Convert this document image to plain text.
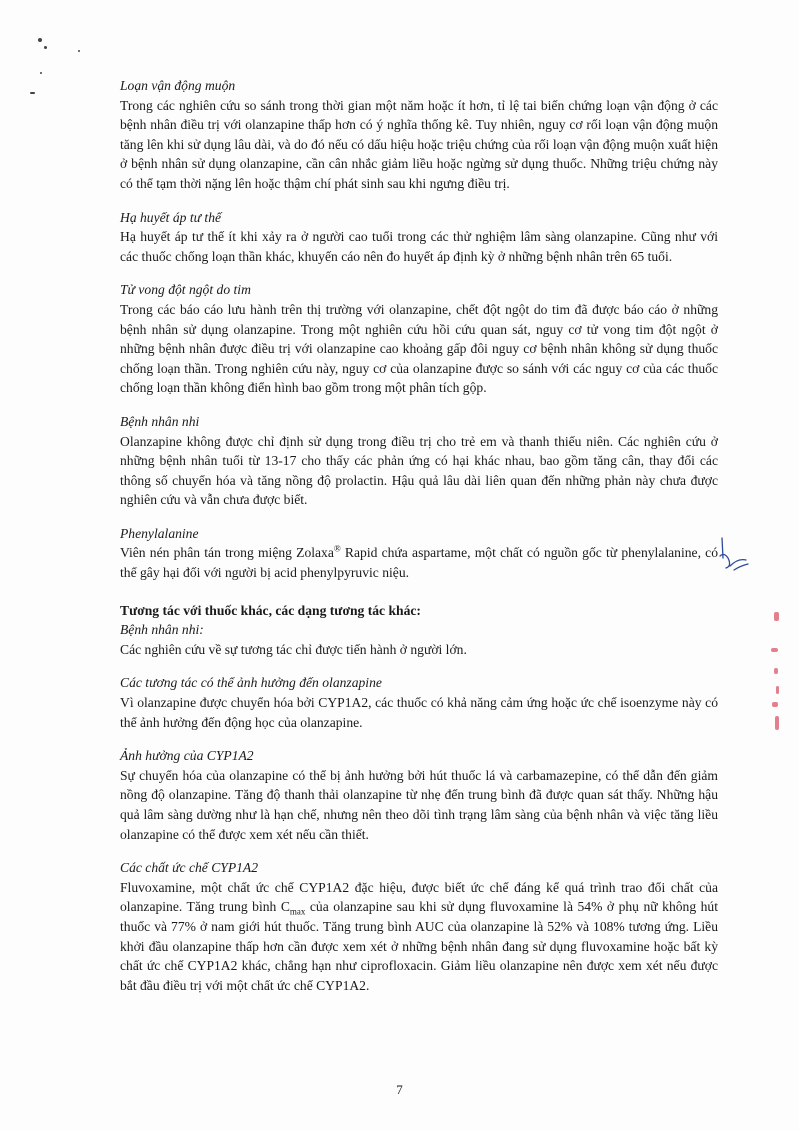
Loạn vận động muộn
Trong các nghiên cứu so sánh trong thời gian một năm hoặc ít hơn, tỉ lệ tai biến chứng loạn vận động ở các bệnh nhân điều trị với olanzapine thấp hơn có ý nghĩa thống kê. Tuy nhiên, nguy cơ rối loạn vận động muộn tăng lên khi sử dụng lâu dài, và do đó nếu có dấu hiệu hoặc triệu chứng của rối loạn vận động muộn xuất hiện ở bệnh nhân sử dụng olanzapine, cần cân nhắc giảm liều hoặc ngừng sử dụng thuốc. Những triệu chứng này có thể tạm thời nặng lên hoặc thậm chí phát sinh sau khi ngưng điều trị.
Hạ huyết áp tư thế
Hạ huyết áp tư thế ít khi xảy ra ở người cao tuổi trong các thử nghiệm lâm sàng olanzapine. Cũng như với các thuốc chống loạn thần khác, khuyến cáo nên đo huyết áp định kỳ ở những bệnh nhân trên 65 tuổi.
Tử vong đột ngột do tim
Trong các báo cáo lưu hành trên thị trường với olanzapine, chết đột ngột do tim đã được báo cáo ở những bệnh nhân sử dụng olanzapine. Trong một nghiên cứu hồi cứu quan sát, nguy cơ tử vong tim đột ngột ở những bệnh nhân được điều trị với olanzapine cao khoảng gấp đôi nguy cơ bệnh nhân không sử dụng thuốc chống loạn thần. Trong nghiên cứu này, nguy cơ của olanzapine được so sánh với các nguy cơ của các thuốc chống loạn thần không điển hình bao gồm trong một phân tích gộp.
Bệnh nhân nhi
Olanzapine không được chỉ định sử dụng trong điều trị cho trẻ em và thanh thiếu niên. Các nghiên cứu ở những bệnh nhân tuổi từ 13-17 cho thấy các phản ứng có hại khác nhau, bao gồm tăng cân, thay đổi các thông số chuyển hóa và tăng nồng độ prolactin. Hậu quả lâu dài liên quan đến những phản này chưa được nghiên cứu và vẫn chưa được biết.
Phenylalanine
Viên nén phân tán trong miệng Zolaxa® Rapid chứa aspartame, một chất có nguồn gốc từ phenylalanine, có thể gây hại đối với người bị acid phenylpyruvic niệu.
Tương tác với thuốc khác, các dạng tương tác khác:
Bệnh nhân nhi:
Các nghiên cứu về sự tương tác chỉ được tiến hành ở người lớn.
Các tương tác có thể ảnh hưởng đến olanzapine
Vì olanzapine được chuyển hóa bởi CYP1A2, các thuốc có khả năng cảm ứng hoặc ức chế isoenzyme này có thể ảnh hưởng đến động học của olanzapine.
Ảnh hưởng của CYP1A2
Sự chuyển hóa của olanzapine có thể bị ảnh hưởng bởi hút thuốc lá và carbamazepine, có thể dẫn đến giảm nồng độ olanzapine. Tăng độ thanh thải olanzapine từ nhẹ đến trung bình đã được quan sát thấy. Những hậu quả lâm sàng dường như là hạn chế, nhưng nên theo dõi tình trạng lâm sàng của bệnh nhân và việc tăng liều olanzapine có thể được xem xét nếu cần thiết.
Các chất ức chế CYP1A2
Fluvoxamine, một chất ức chế CYP1A2 đặc hiệu, được biết ức chế đáng kể quá trình trao đổi chất của olanzapine. Tăng trung bình $C_{max}$ của olanzapine sau khi sử dụng fluvoxamine là 54% ở phụ nữ không hút thuốc và 77% ở nam giới hút thuốc. Tăng trung bình AUC của olanzapine là 52% và 108% tương ứng. Liều khởi đầu olanzapine thấp hơn cần được xem xét ở những bệnh nhân đang sử dụng fluvoxamine hoặc bất kỳ chất ức chế CYP1A2 khác, chẳng hạn như ciprofloxacin. Giảm liều olanzapine nên được xem xét nếu được bắt đầu điều trị với một chất ức chế CYP1A2.
7
